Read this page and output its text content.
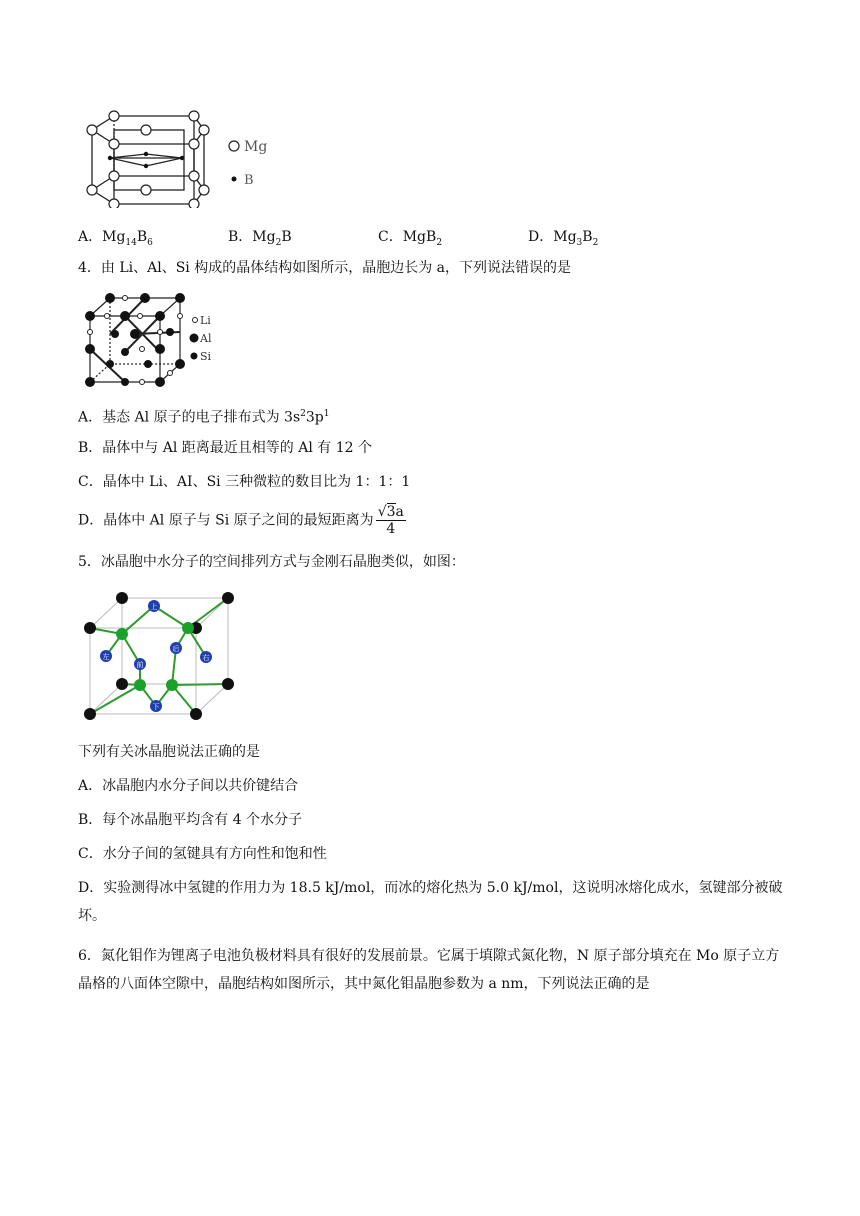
Mg
B
A．$Mg_{14}B_6$	B．$Mg_2B$	C．MgB$_2$	D．$Mg_3B_2$
4．由 Li、Al、Si 构成的晶体结构如图所示，晶胞边长为 a，下列说法错误的是
Li
Al
Si
A．基态 Al 原子的电子排布式为 $3s^23p^1$
B．晶体中与 Al 距离最近且相等的 Al 有 12 个
C．晶体中 Li、AI、Si 三种微粒的数目比为 1：1：1
D．晶体中 Al 原子与 Si 原子之间的最短距离为 $\frac{√3a}{4}$
5．冰晶胞中水分子的空间排列方式与金刚石晶胞类似，如图：
上
左
前
后
右
下
下列有关冰晶胞说法正确的是
A．冰晶胞内水分子间以共价键结合
B．每个冰晶胞平均含有 4 个水分子
C．水分子间的氢键具有方向性和饱和性
D．实验测得冰中氢键的作用力为 18.5 kJ/mol，而冰的熔化热为 5.0 kJ/mol，这说明冰熔化成水，氢键部分被破坏。
6．氮化钼作为锂离子电池负极材料具有很好的发展前景。它属于填隙式氮化物，N 原子部分填充在 Mo 原子立方晶格的八面体空隙中，晶胞结构如图所示，其中氮化钼晶胞参数为 a nm，下列说法正确的是
